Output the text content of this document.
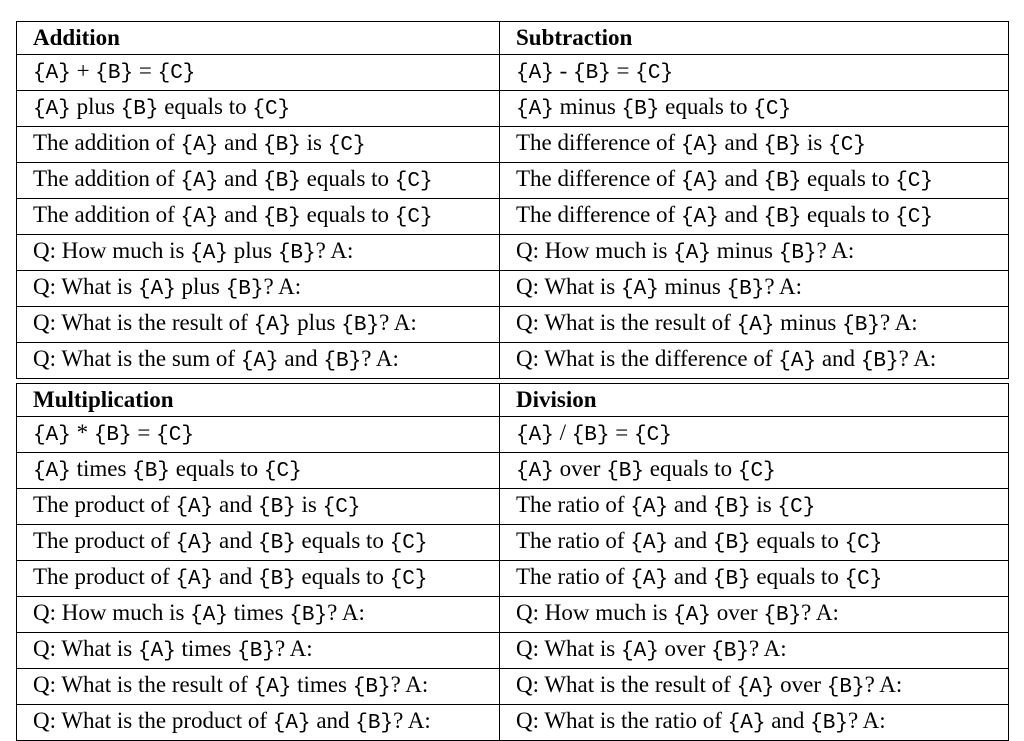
Addition	Subtraction
{A} + {B} = {C}	{A} - {B} = {C}
{A} plus {B} equals to {C}	{A} minus {B} equals to {C}
The addition of {A} and {B} is {C}	The difference of {A} and {B} is {C}
The addition of {A} and {B} equals to {C}	The difference of {A} and {B} equals to {C}
The addition of {A} and {B} equals to {C}	The difference of {A} and {B} equals to {C}
Q: How much is {A} plus {B}? A:	Q: How much is {A} minus {B}? A:
Q: What is {A} plus {B}? A:	Q: What is {A} minus {B}? A:
Q: What is the result of {A} plus {B}? A:	Q: What is the result of {A} minus {B}? A:
Q: What is the sum of {A} and {B}? A:	Q: What is the difference of {A} and {B}? A:

Multiplication	Division
{A} * {B} = {C}	{A} / {B} = {C}
{A} times {B} equals to {C}	{A} over {B} equals to {C}
The product of {A} and {B} is {C}	The ratio of {A} and {B} is {C}
The product of {A} and {B} equals to {C}	The ratio of {A} and {B} equals to {C}
The product of {A} and {B} equals to {C}	The ratio of {A} and {B} equals to {C}
Q: How much is {A} times {B}? A:	Q: How much is {A} over {B}? A:
Q: What is {A} times {B}? A:	Q: What is {A} over {B}? A:
Q: What is the result of {A} times {B}? A:	Q: What is the result of {A} over {B}? A:
Q: What is the product of {A} and {B}? A:	Q: What is the ratio of {A} and {B}? A:
